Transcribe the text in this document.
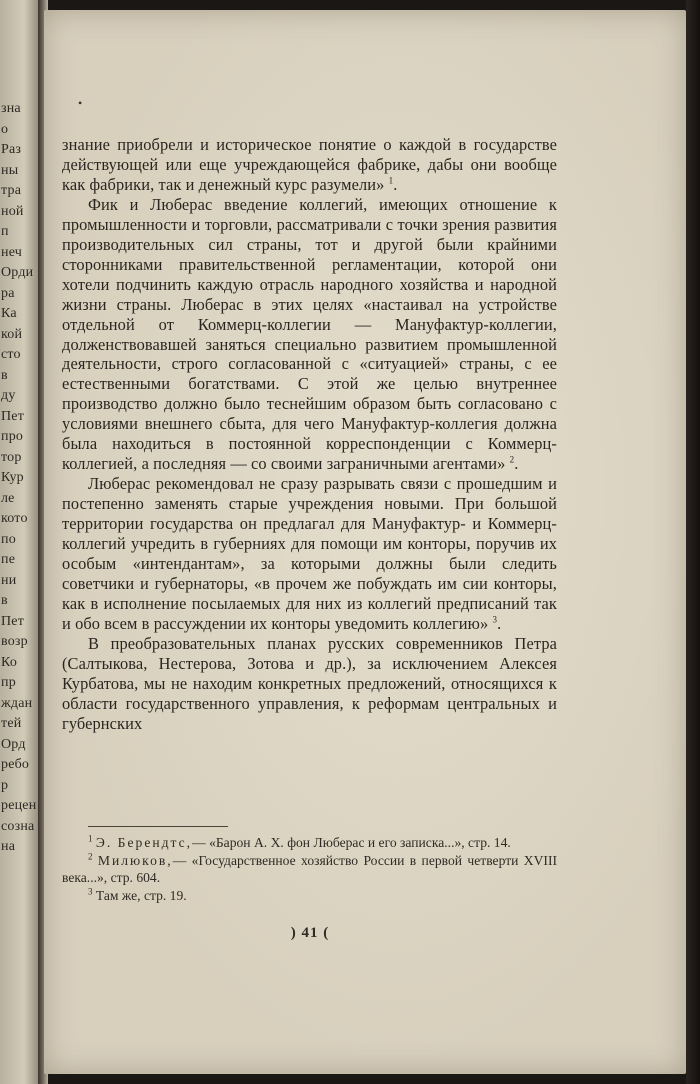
зна
о
Раз
ны
тра
ной
п
неч
Орди
ра
Ка
кой
сто
в
ду
Пет
про
тор
Кур
ле
кото
по
пе
ни
в
Пет
возр
Ко
пр
ждан
тей
Орд
ребо
р
рецен
созна
на
•

знание приобрели и историческое понятие о каждой в государстве действующей или еще учреждающейся фабрике, дабы они вообще как фабрики, так и денежный курс разумели» $^1$.

Фик и Люберас введение коллегий, имеющих отношение к промышленности и торговли, рассматривали с точки зрения развития производительных сил страны, тот и другой были крайними сторонниками правительственной регламентации, которой они хотели подчинить каждую отрасль народного хозяйства и народной жизни страны. Люберас в этих целях «настаивал на устройстве отдельной от Коммерц-коллегии — Мануфактур-коллегии, долженствовавшей заняться специально развитием промышленной деятельности, строго согласованной с «ситуацией» страны, с ее естественными богатствами. С этой же целью внутреннее производство должно было теснейшим образом быть согласовано с условиями внешнего сбыта, для чего Мануфактур-коллегия должна была находиться в постоянной корреспонденции с Коммерц-коллегией, а последняя — со своими заграничными агентами» $^2$.

Люберас рекомендовал не сразу разрывать связи с прошедшим и постепенно заменять старые учреждения новыми. При большой территории государства он предлагал для Мануфактур- и Коммерц-коллегий учредить в губерниях для помощи им конторы, поручив их особым «интендантам», за которыми должны были следить советчики и губернаторы, «в прочем же побуждать им сии конторы, как в исполнение посылаемых для них из коллегий предписаний так и обо всем в рассуждении их конторы уведомить коллегию» $^3$.

В преобразовательных планах русских современников Петра (Салтыкова, Нестерова, Зотова и др.), за исключением Алексея Курбатова, мы не находим конкретных предложений, относящихся к области государственного управления, к реформам центральных и губернских

$^1$ Э. Берендтс,— «Барон А. Х. фон Люберас и его записка...», стр. 14.

$^2$ Милюков,— «Государственное хозяйство России в первой четверти XVIII века...», стр. 604.

$^3$ Там же, стр. 19.

) 41 (
